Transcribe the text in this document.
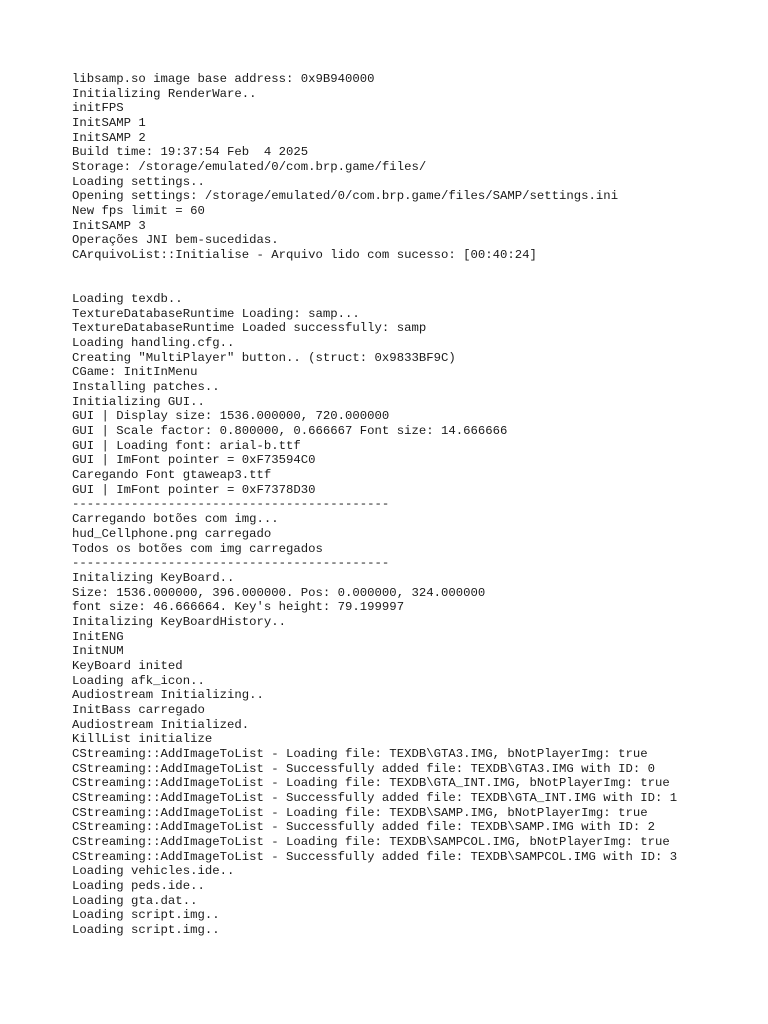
libsamp.so image base address: 0x9B940000
Initializing RenderWare..
initFPS
InitSAMP 1
InitSAMP 2
Build time: 19:37:54 Feb  4 2025
Storage: /storage/emulated/0/com.brp.game/files/
Loading settings..
Opening settings: /storage/emulated/0/com.brp.game/files/SAMP/settings.ini
New fps limit = 60
InitSAMP 3
Operações JNI bem-sucedidas.
CArquivoList::Initialise - Arquivo lido com sucesso: [00:40:24]
Loading texdb..
TextureDatabaseRuntime Loading: samp...
TextureDatabaseRuntime Loaded successfully: samp
Loading handling.cfg..
Creating "MultiPlayer" button.. (struct: 0x9833BF9C)
CGame: InitInMenu
Installing patches..
Initializing GUI..
GUI | Display size: 1536.000000, 720.000000
GUI | Scale factor: 0.800000, 0.666667 Font size: 14.666666
GUI | Loading font: arial-b.ttf
GUI | ImFont pointer = 0xF73594C0
Caregando Font gtaweap3.ttf
GUI | ImFont pointer = 0xF7378D30
-------------------------------------------
Carregando botões com img...
hud_Cellphone.png carregado
Todos os botões com img carregados
-------------------------------------------
Initalizing KeyBoard..
Size: 1536.000000, 396.000000. Pos: 0.000000, 324.000000
font size: 46.666664. Key's height: 79.199997
Initalizing KeyBoardHistory..
InitENG
InitNUM
KeyBoard inited
Loading afk_icon..
Audiostream Initializing..
InitBass carregado
Audiostream Initialized.
KillList initialize
CStreaming::AddImageToList - Loading file: TEXDB\GTA3.IMG, bNotPlayerImg: true
CStreaming::AddImageToList - Successfully added file: TEXDB\GTA3.IMG with ID: 0
CStreaming::AddImageToList - Loading file: TEXDB\GTA_INT.IMG, bNotPlayerImg: true
CStreaming::AddImageToList - Successfully added file: TEXDB\GTA_INT.IMG with ID: 1
CStreaming::AddImageToList - Loading file: TEXDB\SAMP.IMG, bNotPlayerImg: true
CStreaming::AddImageToList - Successfully added file: TEXDB\SAMP.IMG with ID: 2
CStreaming::AddImageToList - Loading file: TEXDB\SAMPCOL.IMG, bNotPlayerImg: true
CStreaming::AddImageToList - Successfully added file: TEXDB\SAMPCOL.IMG with ID: 3
Loading vehicles.ide..
Loading peds.ide..
Loading gta.dat..
Loading script.img..
Loading script.img..
